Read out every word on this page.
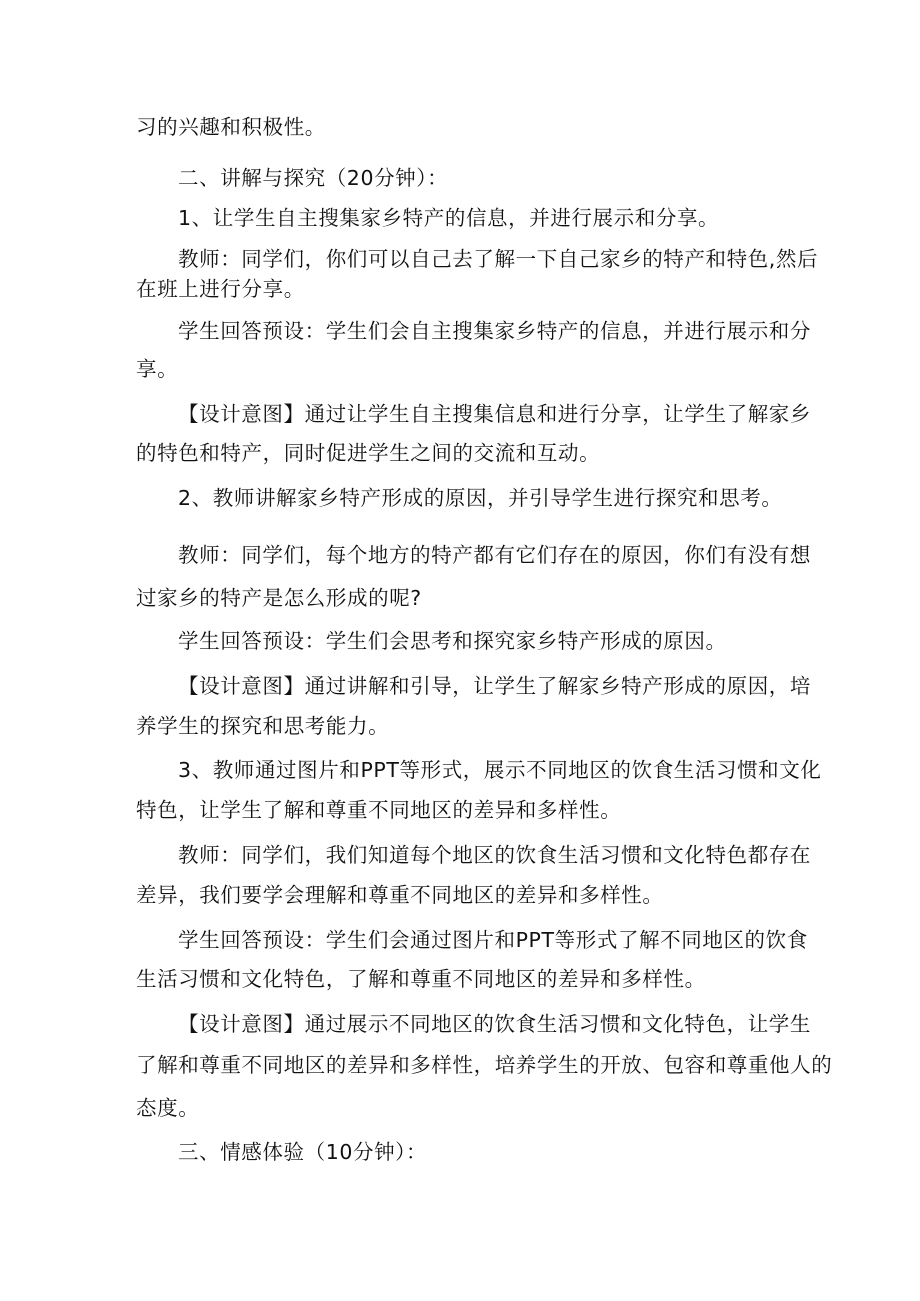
习的兴趣和积极性。
二、讲解与探究（20分钟）：
1、让学生自主搜集家乡特产的信息，并进行展示和分享。
教师：同学们，你们可以自己去了解一下自己家乡的特产和特色,然后
在班上进行分享。
学生回答预设：学生们会自主搜集家乡特产的信息，并进行展示和分
享。
【设计意图】通过让学生自主搜集信息和进行分享，让学生了解家乡
的特色和特产，同时促进学生之间的交流和互动。
2、教师讲解家乡特产形成的原因，并引导学生进行探究和思考。
教师：同学们，每个地方的特产都有它们存在的原因，你们有没有想
过家乡的特产是怎么形成的呢?
学生回答预设：学生们会思考和探究家乡特产形成的原因。
【设计意图】通过讲解和引导，让学生了解家乡特产形成的原因，培
养学生的探究和思考能力。
3、教师通过图片和PPT等形式，展示不同地区的饮食生活习惯和文化
特色，让学生了解和尊重不同地区的差异和多样性。
教师：同学们，我们知道每个地区的饮食生活习惯和文化特色都存在
差异，我们要学会理解和尊重不同地区的差异和多样性。
学生回答预设：学生们会通过图片和PPT等形式了解不同地区的饮食
生活习惯和文化特色，了解和尊重不同地区的差异和多样性。
【设计意图】通过展示不同地区的饮食生活习惯和文化特色，让学生
了解和尊重不同地区的差异和多样性，培养学生的开放、包容和尊重他人的
态度。
三、情感体验（10分钟）：
